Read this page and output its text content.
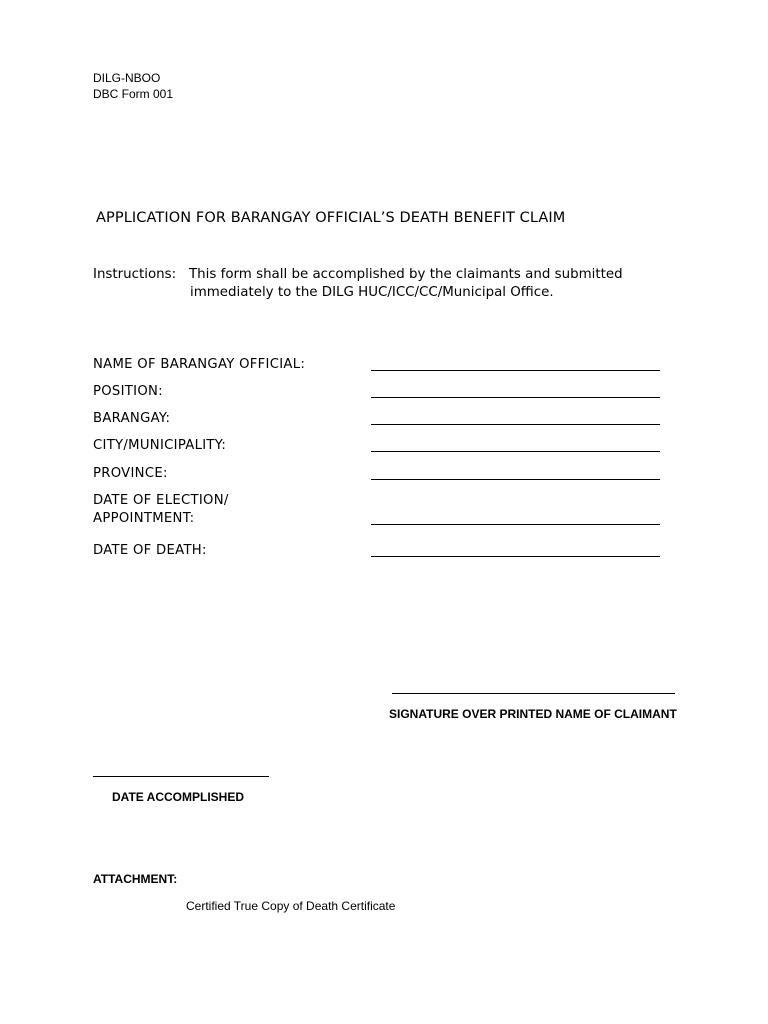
DILG-NBOO
DBC Form 001
APPLICATION FOR BARANGAY OFFICIAL’S DEATH BENEFIT CLAIM
Instructions: This form shall be accomplished by the claimants and submitted
immediately to the DILG HUC/ICC/CC/Municipal Office.
NAME OF BARANGAY OFFICIAL:
POSITION:
BARANGAY:
CITY/MUNICIPALITY:
PROVINCE:
DATE OF ELECTION/
APPOINTMENT:
DATE OF DEATH:
SIGNATURE OVER PRINTED NAME OF CLAIMANT
DATE ACCOMPLISHED
ATTACHMENT:
Certified True Copy of Death Certificate
